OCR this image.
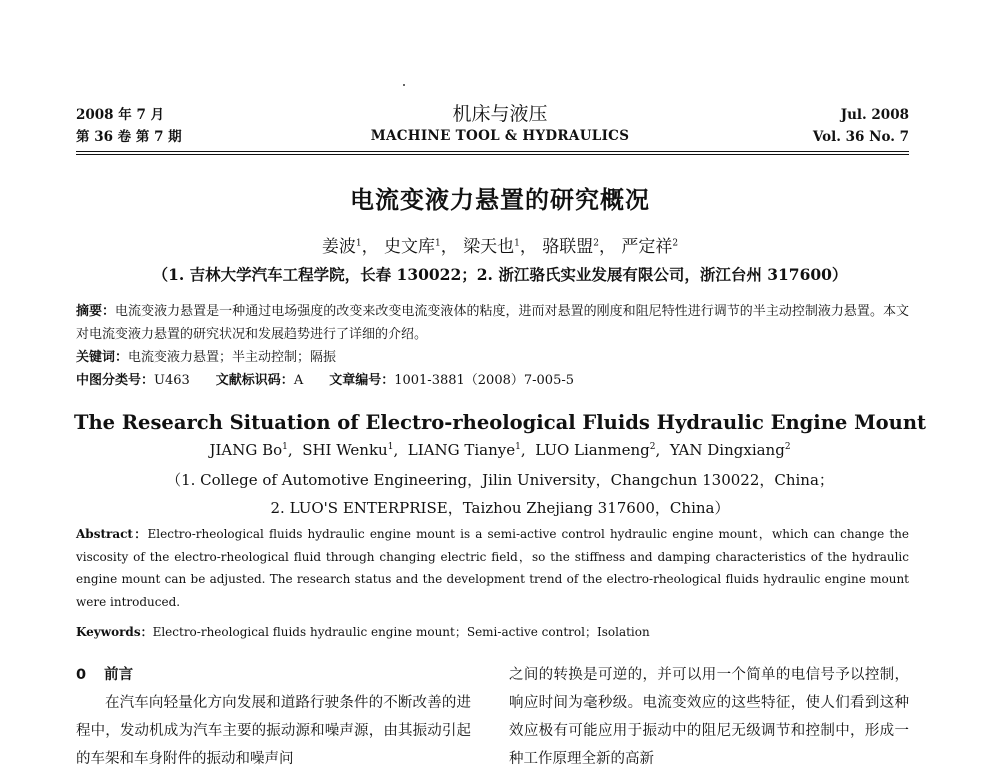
2008 年 7 月
第 36 卷 第 7 期
机床与液压
MACHINE TOOL & HYDRAULICS
Jul. 2008
Vol. 36 No. 7
电流变液力悬置的研究概况
姜波$^1$， 史文库$^1$， 梁天也$^1$， 骆联盟$^2$， 严定祥$^2$
（1. 吉林大学汽车工程学院，长春 130022；2. 浙江骆氏实业发展有限公司，浙江台州 317600）
摘要：电流变液力悬置是一种通过电场强度的改变来改变电流变液体的粘度，进而对悬置的刚度和阻尼特性进行调节的半主动控制液力悬置。本文对电流变液力悬置的研究状况和发展趋势进行了详细的介绍。
关键词：电流变液力悬置；半主动控制；隔振
中图分类号：U463 文献标识码：A 文章编号：1001-3881（2008）7-005-5
The Research Situation of Electro-rheological Fluids Hydraulic Engine Mount
JIANG Bo$^1$,  SHI Wenku$^1$,  LIANG Tianye$^1$,  LUO Lianmeng$^2$,  YAN Dingxiang$^2$
（1. College of Automotive Engineering，Jilin University，Changchun 130022，China；
2. LUO'S ENTERPRISE，Taizhou Zhejiang 317600，China）
Abstract：Electro-rheological fluids hydraulic engine mount is a semi-active control hydraulic engine mount，which can change the viscosity of the electro-rheological fluid through changing electric field，so the stiffness and damping characteristics of the hydraulic engine mount can be adjusted. The research status and the development trend of the electro-rheological fluids hydraulic engine mount were introduced.
Keywords：Electro-rheological fluids hydraulic engine mount；Semi-active control；Isolation
0 前言
在汽车向轻量化方向发展和道路行驶条件的不断改善的进程中，发动机成为汽车主要的振动源和噪声源，由其振动引起的车架和车身附件的振动和噪声问
之间的转换是可逆的，并可以用一个简单的电信号予以控制，响应时间为毫秒级。电流变效应的这些特征，使人们看到这种效应极有可能应用于振动中的阻尼无级调节和控制中，形成一种工作原理全新的高新
